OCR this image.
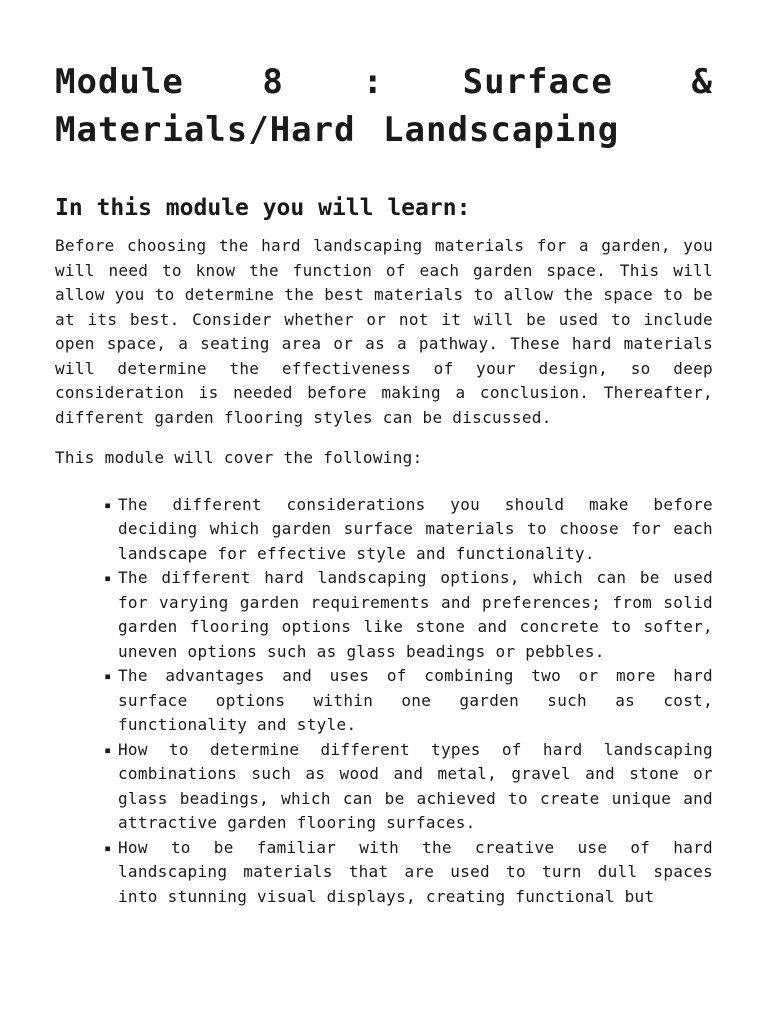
Module 8 : Surface & Materials/Hard Landscaping
In this module you will learn:

Before choosing the hard landscaping materials for a garden, you will need to know the function of each garden space. This will allow you to determine the best materials to allow the space to be at its best. Consider whether or not it will be used to include open space, a seating area or as a pathway. These hard materials will determine the effectiveness of your design, so deep consideration is needed before making a conclusion. Thereafter, different garden flooring styles can be discussed.

This module will cover the following:

▪ The different considerations you should make before deciding which garden surface materials to choose for each landscape for effective style and functionality.
▪ The different hard landscaping options, which can be used for varying garden requirements and preferences; from solid garden flooring options like stone and concrete to softer, uneven options such as glass beadings or pebbles.
▪ The advantages and uses of combining two or more hard surface options within one garden such as cost, functionality and style.
▪ How to determine different types of hard landscaping combinations such as wood and metal, gravel and stone or glass beadings, which can be achieved to create unique and attractive garden flooring surfaces.
▪ How to be familiar with the creative use of hard landscaping materials that are used to turn dull spaces into stunning visual displays, creating functional but
